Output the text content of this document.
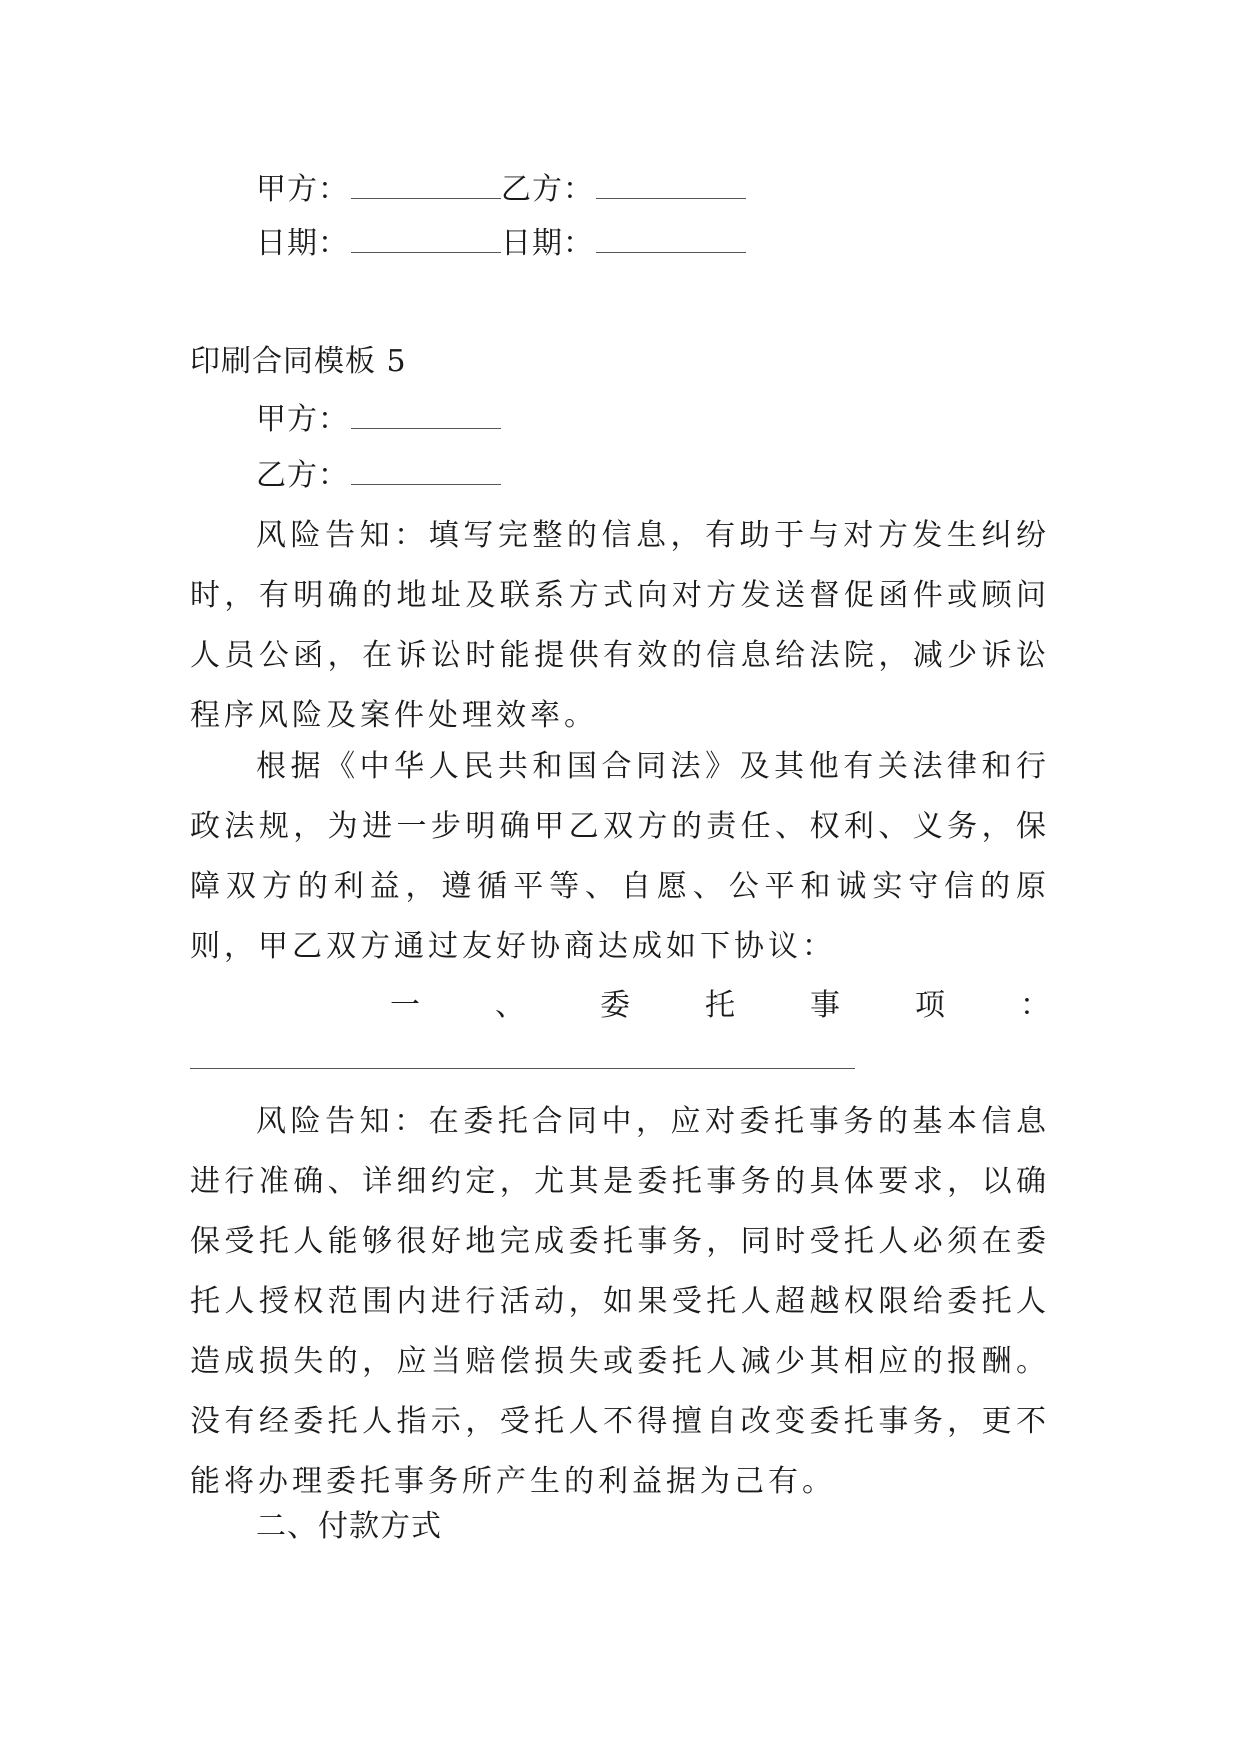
甲方：	乙方：
日期：	日期：
印刷合同模板 5
甲方：
乙方：
风险告知：填写完整的信息，有助于与对方发生纠纷时，有明确的地址及联系方式向对方发送督促函件或顾问人员公函，在诉讼时能提供有效的信息给法院，减少诉讼程序风险及案件处理效率。
根据《中华人民共和国合同法》及其他有关法律和行政法规，为进一步明确甲乙双方的责任、权利、义务，保障双方的利益，遵循平等、自愿、公平和诚实守信的原则，甲乙双方通过友好协商达成如下协议：
一	、	委	托	事	项	：
风险告知：在委托合同中，应对委托事务的基本信息进行准确、详细约定，尤其是委托事务的具体要求，以确保受托人能够很好地完成委托事务，同时受托人必须在委托人授权范围内进行活动，如果受托人超越权限给委托人造成损失的，应当赔偿损失或委托人减少其相应的报酬。没有经委托人指示，受托人不得擅自改变委托事务，更不能将办理委托事务所产生的利益据为己有。
二、付款方式
